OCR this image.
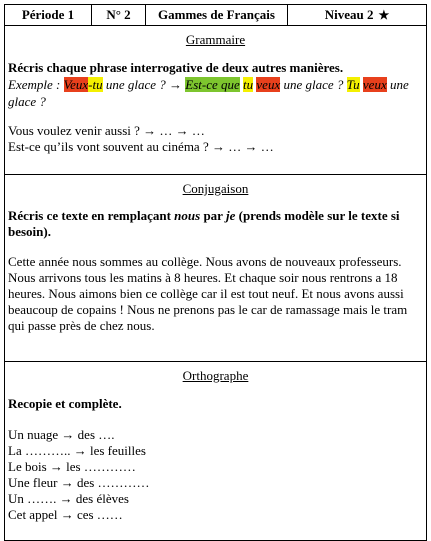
Période 1	N° 2	Gammes de Français	Niveau 2 ★
Grammaire

Récris chaque phrase interrogative de deux autres manières.

Exemple : Veux-tu une glace ? → Est-ce que tu veux une glace ? Tu veux une glace ?

Vous voulez venir aussi ? → … → …

Est-ce qu’ils vont souvent au cinéma ? → … → …

Conjugaison

Récris ce texte en remplaçant nous par je (prends modèle sur le texte si besoin).

Cette année nous sommes au collège. Nous avons de nouveaux professeurs. Nous arrivons tous les matins à 8 heures. Et chaque soir nous rentrons a 18 heures. Nous aimons bien ce collège car il est tout neuf. Et nous avons aussi beaucoup de copains ! Nous ne prenons pas le car de ramassage mais le tram qui passe près de chez nous.

Orthographe

Recopie et complète.

Un nuage → des ….

La ……….. → les feuilles

Le bois → les …………

Une fleur → des …………

Un ……. → des élèves

Cet appel → ces ……
